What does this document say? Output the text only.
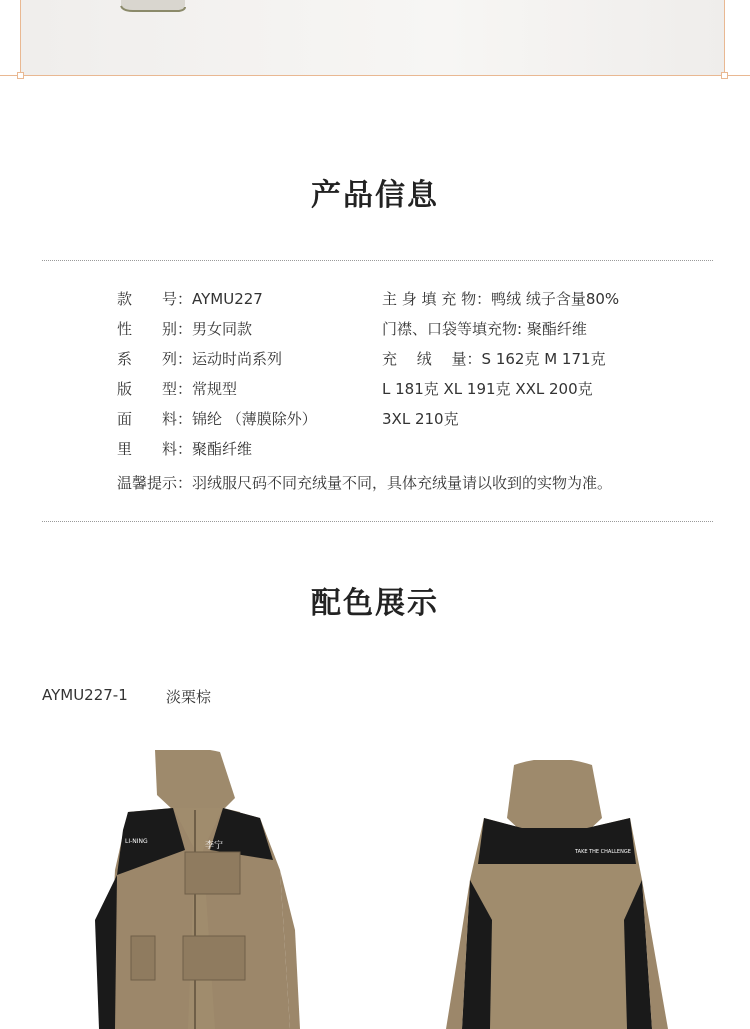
产品信息
款　　号：AYMU227
性　　别：男女同款
系　　列：运动时尚系列
版　　型：常规型
面　　料：锦纶 （薄膜除外）
里　　料：聚酯纤维
主 身 填 充 物：鸭绒 绒子含量80%
门襟、口袋等填充物: 聚酯纤维
充　 绒　 量：S 162克 M 171克
L 181克 XL 191克 XXL 200克
3XL 210克
温馨提示：羽绒服尺码不同充绒量不同，具体充绒量请以收到的实物为准。
配色展示
AYMU227-1	淡栗棕
LI-NING	李宁
TAKE THE CHALLENGE
